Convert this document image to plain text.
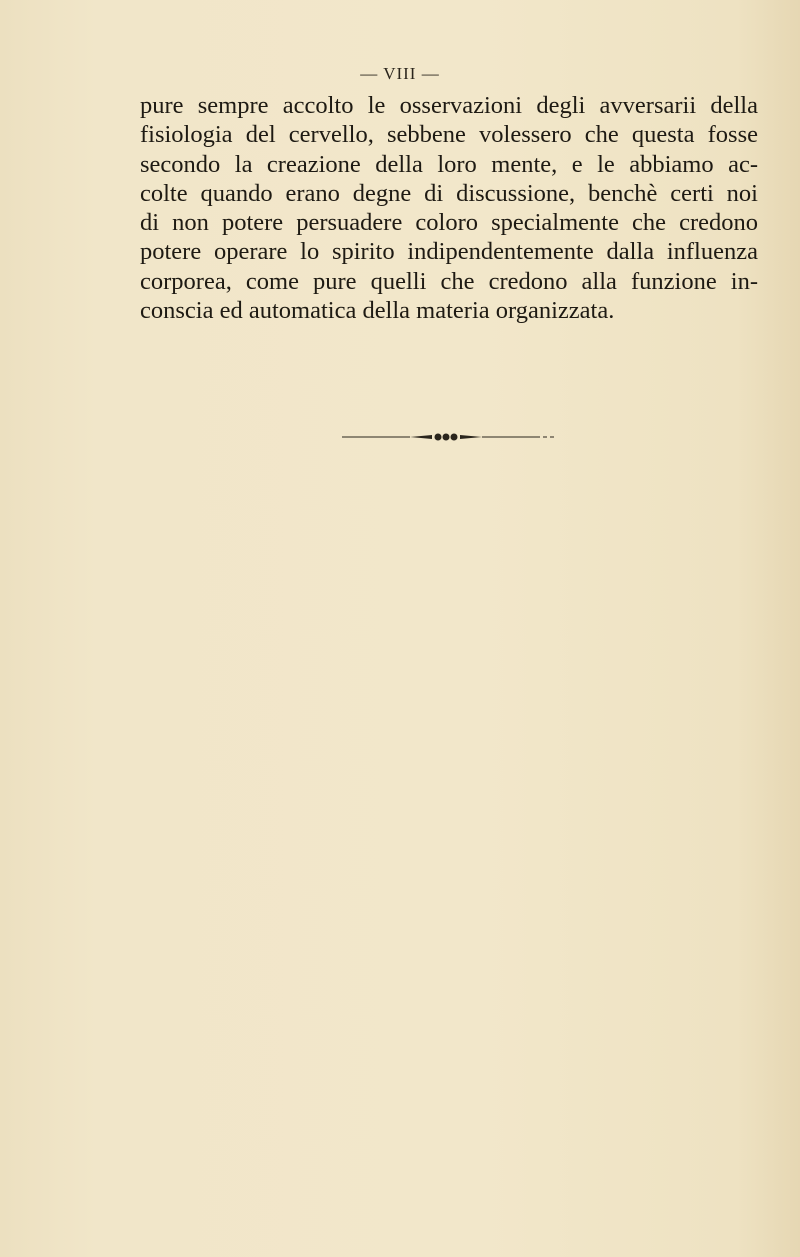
— VIII —

pure sempre accolto le osservazioni degli avversarii della
fisiologia del cervello, sebbene volessero che questa fosse
secondo la creazione della loro mente, e le abbiamo ac-
colte quando erano degne di discussione, benchè certi noi
di non potere persuadere coloro specialmente che credono
potere operare lo spirito indipendentemente dalla influenza
corporea, come pure quelli che credono alla funzione in-
conscia ed automatica della materia organizzata.
